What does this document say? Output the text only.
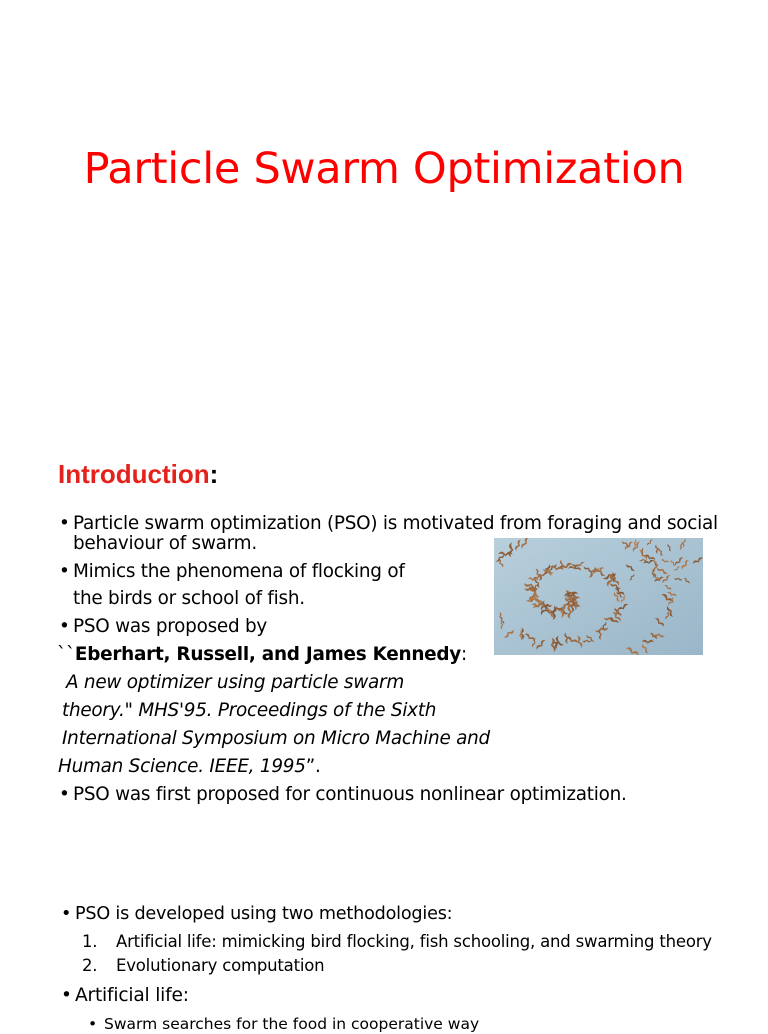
Particle Swarm Optimization
Introduction:
• Particle swarm optimization (PSO) is motivated from foraging and social
behaviour of swarm.
• Mimics the phenomena of flocking of
the birds or school of fish.
• PSO was proposed by
``Eberhart, Russell, and James Kennedy:
A new optimizer using particle swarm
theory." MHS'95. Proceedings of the Sixth
International Symposium on Micro Machine and
Human Science. IEEE, 1995”.
• PSO was first proposed for continuous nonlinear optimization.
• PSO is developed using two methodologies:
1. Artificial life: mimicking bird flocking, fish schooling, and swarming theory
2. Evolutionary computation
• Artificial life:
• Swarm searches for the food in cooperative way
